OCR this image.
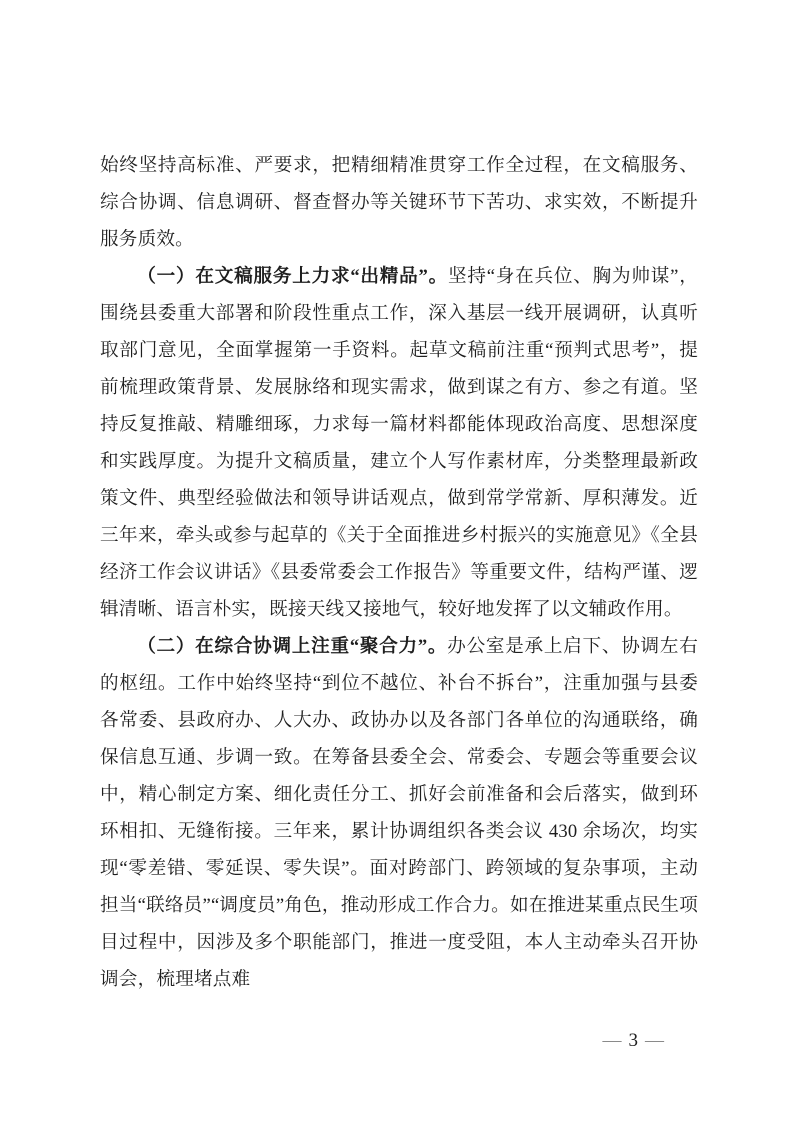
始终坚持高标准、严要求，把精细精准贯穿工作全过程，在文稿服务、综合协调、信息调研、督查督办等关键环节下苦功、求实效，不断提升服务质效。

（一）在文稿服务上力求“出精品”。坚持“身在兵位、胸为帅谋”，围绕县委重大部署和阶段性重点工作，深入基层一线开展调研，认真听取部门意见，全面掌握第一手资料。起草文稿前注重“预判式思考”，提前梳理政策背景、发展脉络和现实需求，做到谋之有方、参之有道。坚持反复推敲、精雕细琢，力求每一篇材料都能体现政治高度、思想深度和实践厚度。为提升文稿质量，建立个人写作素材库，分类整理最新政策文件、典型经验做法和领导讲话观点，做到常学常新、厚积薄发。近三年来，牵头或参与起草的《关于全面推进乡村振兴的实施意见》《全县经济工作会议讲话》《县委常委会工作报告》等重要文件，结构严谨、逻辑清晰、语言朴实，既接天线又接地气，较好地发挥了以文辅政作用。

（二）在综合协调上注重“聚合力”。办公室是承上启下、协调左右的枢纽。工作中始终坚持“到位不越位、补台不拆台”，注重加强与县委各常委、县政府办、人大办、政协办以及各部门各单位的沟通联络，确保信息互通、步调一致。在筹备县委全会、常委会、专题会等重要会议中，精心制定方案、细化责任分工、抓好会前准备和会后落实，做到环环相扣、无缝衔接。三年来，累计协调组织各类会议 430 余场次，均实现“零差错、零延误、零失误”。面对跨部门、跨领域的复杂事项，主动担当“联络员”“调度员”角色，推动形成工作合力。如在推进某重点民生项目过程中，因涉及多个职能部门，推进一度受阻，本人主动牵头召开协调会，梳理堵点难

— 3 —
